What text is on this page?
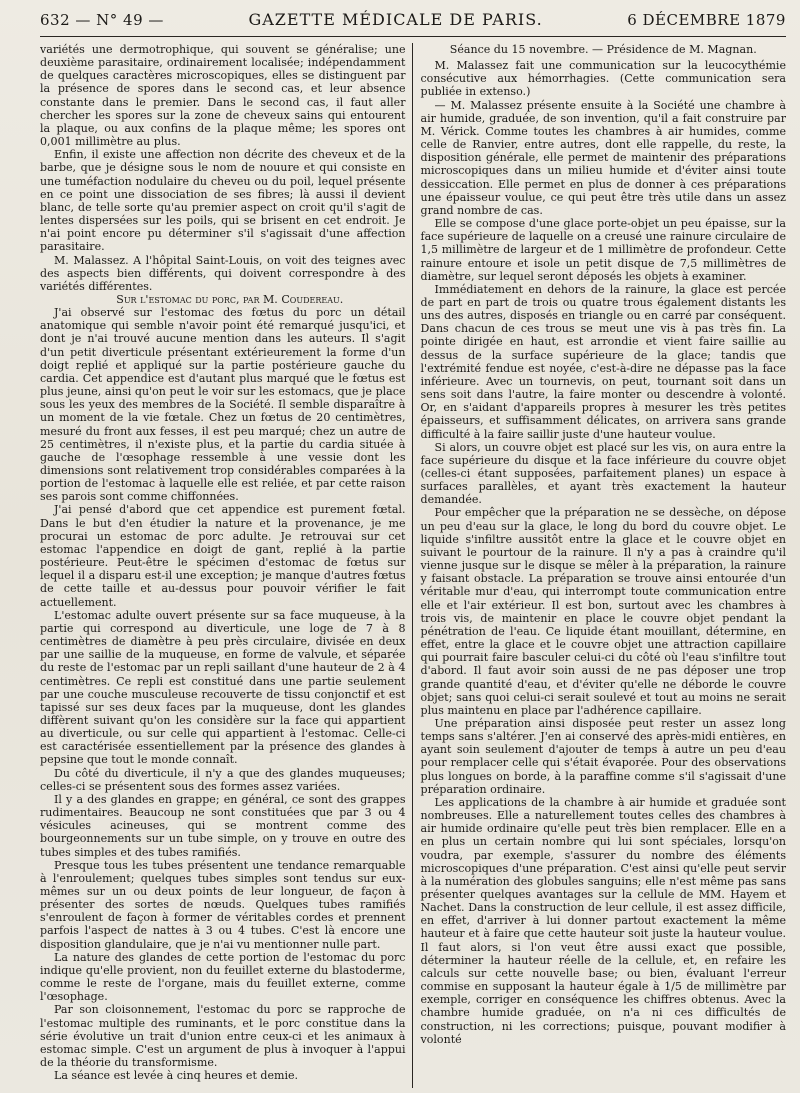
632 — N° 49 —	GAZETTE MÉDICALE DE PARIS.	6 DÉCEMBRE 1879

variétés une dermotrophique, qui souvent se généralise; une deuxième parasitaire, ordinairement localisée; indépendamment de quelques caractères microscopiques, elles se distinguent par la présence de spores dans le second cas, et leur absence constante dans le premier. Dans le second cas, il faut aller chercher les spores sur la zone de cheveux sains qui entourent la plaque, ou aux confins de la plaque même; les spores ont 0,001 millimètre au plus.

Enfin, il existe une affection non décrite des cheveux et de la barbe, que je désigne sous le nom de nouure et qui consiste en une tuméfaction nodulaire du cheveu ou du poil, lequel présente en ce point une dissociation de ses fibres; là aussi il devient blanc, de telle sorte qu'au premier aspect on croit qu'il s'agit de lentes dispersées sur les poils, qui se brisent en cet endroit. Je n'ai point encore pu déterminer s'il s'agissait d'une affection parasitaire.

M. Malassez. A l'hôpital Saint-Louis, on voit des teignes avec des aspects bien différents, qui doivent correspondre à des variétés différentes.

Sur l'estomac du porc, par M. Coudereau.

J'ai observé sur l'estomac des fœtus du porc un détail anatomique qui semble n'avoir point été remarqué jusqu'ici, et dont je n'ai trouvé aucune mention dans les auteurs. Il s'agit d'un petit diverticule présentant extérieurement la forme d'un doigt replié et appliqué sur la partie postérieure gauche du cardia. Cet appendice est d'autant plus marqué que le fœtus est plus jeune, ainsi qu'on peut le voir sur les estomacs, que je place sous les yeux des membres de la Société. Il semble disparaître à un moment de la vie fœtale. Chez un fœtus de 20 centimètres, mesuré du front aux fesses, il est peu marqué; chez un autre de 25 centimètres, il n'existe plus, et la partie du cardia située à gauche de l'œsophage ressemble à une vessie dont les dimensions sont relativement trop considérables comparées à la portion de l'estomac à laquelle elle est reliée, et par cette raison ses parois sont comme chiffonnées.

J'ai pensé d'abord que cet appendice est purement fœtal. Dans le but d'en étudier la nature et la provenance, je me procurai un estomac de porc adulte. Je retrouvai sur cet estomac l'appendice en doigt de gant, replié à la partie postérieure. Peut-être le spécimen d'estomac de fœtus sur lequel il a disparu est-il une exception; je manque d'autres fœtus de cette taille et au-dessus pour pouvoir vérifier le fait actuellement.

L'estomac adulte ouvert présente sur sa face muqueuse, à la partie qui correspond au diverticule, une loge de 7 à 8 centimètres de diamètre à peu près circulaire, divisée en deux par une saillie de la muqueuse, en forme de valvule, et séparée du reste de l'estomac par un repli saillant d'une hauteur de 2 à 4 centimètres. Ce repli est constitué dans une partie seulement par une couche musculeuse recouverte de tissu conjonctif et est tapissé sur ses deux faces par la muqueuse, dont les glandes diffèrent suivant qu'on les considère sur la face qui appartient au diverticule, ou sur celle qui appartient à l'estomac. Celle-ci est caractérisée essentiellement par la présence des glandes à pepsine que tout le monde connaît.

Du côté du diverticule, il n'y a que des glandes muqueuses; celles-ci se présentent sous des formes assez variées.

Il y a des glandes en grappe; en général, ce sont des grappes rudimentaires. Beaucoup ne sont constituées que par 3 ou 4 vésicules acineuses, qui se montrent comme des bourgeonnements sur un tube simple, on y trouve en outre des tubes simples et des tubes ramifiés.

Presque tous les tubes présentent une tendance remarquable à l'enroulement; quelques tubes simples sont tendus sur eux-mêmes sur un ou deux points de leur longueur, de façon à présenter des sortes de nœuds. Quelques tubes ramifiés s'enroulent de façon à former de véritables cordes et prennent parfois l'aspect de nattes à 3 ou 4 tubes. C'est là encore une disposition glandulaire, que je n'ai vu mentionner nulle part.

La nature des glandes de cette portion de l'estomac du porc indique qu'elle provient, non du feuillet externe du blastoderme, comme le reste de l'organe, mais du feuillet externe, comme l'œsophage.

Par son cloisonnement, l'estomac du porc se rapproche de l'estomac multiple des ruminants, et le porc constitue dans la série évolutive un trait d'union entre ceux-ci et les animaux à estomac simple. C'est un argument de plus à invoquer à l'appui de la théorie du transformisme.

La séance est levée à cinq heures et demie.

Séance du 15 novembre. — Présidence de M. Magnan.

M. Malassez fait une communication sur la leucocythémie consécutive aux hémorrhagies. (Cette communication sera publiée in extenso.)

— M. Malassez présente ensuite à la Société une chambre à air humide, graduée, de son invention, qu'il a fait construire par M. Vérick. Comme toutes les chambres à air humides, comme celle de Ranvier, entre autres, dont elle rappelle, du reste, la disposition générale, elle permet de maintenir des préparations microscopiques dans un milieu humide et d'éviter ainsi toute dessiccation. Elle permet en plus de donner à ces préparations une épaisseur voulue, ce qui peut être très utile dans un assez grand nombre de cas.

Elle se compose d'une glace porte-objet un peu épaisse, sur la face supérieure de laquelle on a creusé une rainure circulaire de 1,5 millimètre de largeur et de 1 millimètre de profondeur. Cette rainure entoure et isole un petit disque de 7,5 millimètres de diamètre, sur lequel seront déposés les objets à examiner.

Immédiatement en dehors de la rainure, la glace est percée de part en part de trois ou quatre trous également distants les uns des autres, disposés en triangle ou en carré par conséquent. Dans chacun de ces trous se meut une vis à pas très fin. La pointe dirigée en haut, est arrondie et vient faire saillie au dessus de la surface supérieure de la glace; tandis que l'extrémité fendue est noyée, c'est-à-dire ne dépasse pas la face inférieure. Avec un tournevis, on peut, tournant soit dans un sens soit dans l'autre, la faire monter ou descendre à volonté. Or, en s'aidant d'appareils propres à mesurer les très petites épaisseurs, et suffisamment délicates, on arrivera sans grande difficulté à la faire saillir juste d'une hauteur voulue.

Si alors, un couvre objet est placé sur les vis, on aura entre la face supérieure du disque et la face inférieure du couvre objet (celles-ci étant supposées, parfaitement planes) un espace à surfaces parallèles, et ayant très exactement la hauteur demandée.

Pour empêcher que la préparation ne se dessèche, on dépose un peu d'eau sur la glace, le long du bord du couvre objet. Le liquide s'infiltre aussitôt entre la glace et le couvre objet en suivant le pourtour de la rainure. Il n'y a pas à craindre qu'il vienne jusque sur le disque se mêler à la préparation, la rainure y faisant obstacle. La préparation se trouve ainsi entourée d'un véritable mur d'eau, qui interrompt toute communication entre elle et l'air extérieur. Il est bon, surtout avec les chambres à trois vis, de maintenir en place le couvre objet pendant la pénétration de l'eau. Ce liquide étant mouillant, détermine, en effet, entre la glace et le couvre objet une attraction capillaire qui pourrait faire basculer celui-ci du côté où l'eau s'infiltre tout d'abord. Il faut avoir soin aussi de ne pas déposer une trop grande quantité d'eau, et d'éviter qu'elle ne déborde le couvre objet; sans quoi celui-ci serait soulevé et tout au moins ne serait plus maintenu en place par l'adhérence capillaire.

Une préparation ainsi disposée peut rester un assez long temps sans s'altérer. J'en ai conservé des après-midi entières, en ayant soin seulement d'ajouter de temps à autre un peu d'eau pour remplacer celle qui s'était évaporée. Pour des observations plus longues on borde, à la paraffine comme s'il s'agissait d'une préparation ordinaire.

Les applications de la chambre à air humide et graduée sont nombreuses. Elle a naturellement toutes celles des chambres à air humide ordinaire qu'elle peut très bien remplacer. Elle en a en plus un certain nombre qui lui sont spéciales, lorsqu'on voudra, par exemple, s'assurer du nombre des éléments microscopiques d'une préparation. C'est ainsi qu'elle peut servir à la numération des globules sanguins; elle n'est même pas sans présenter quelques avantages sur la cellule de MM. Hayem et Nachet. Dans la construction de leur cellule, il est assez difficile, en effet, d'arriver à lui donner partout exactement la même hauteur et à faire que cette hauteur soit juste la hauteur voulue. Il faut alors, si l'on veut être aussi exact que possible, déterminer la hauteur réelle de la cellule, et, en refaire les calculs sur cette nouvelle base; ou bien, évaluant l'erreur commise en supposant la hauteur égale à 1/5 de millimètre par exemple, corriger en conséquence les chiffres obtenus. Avec la chambre humide graduée, on n'a ni ces difficultés de construction, ni les corrections; puisque, pouvant modifier à volonté
